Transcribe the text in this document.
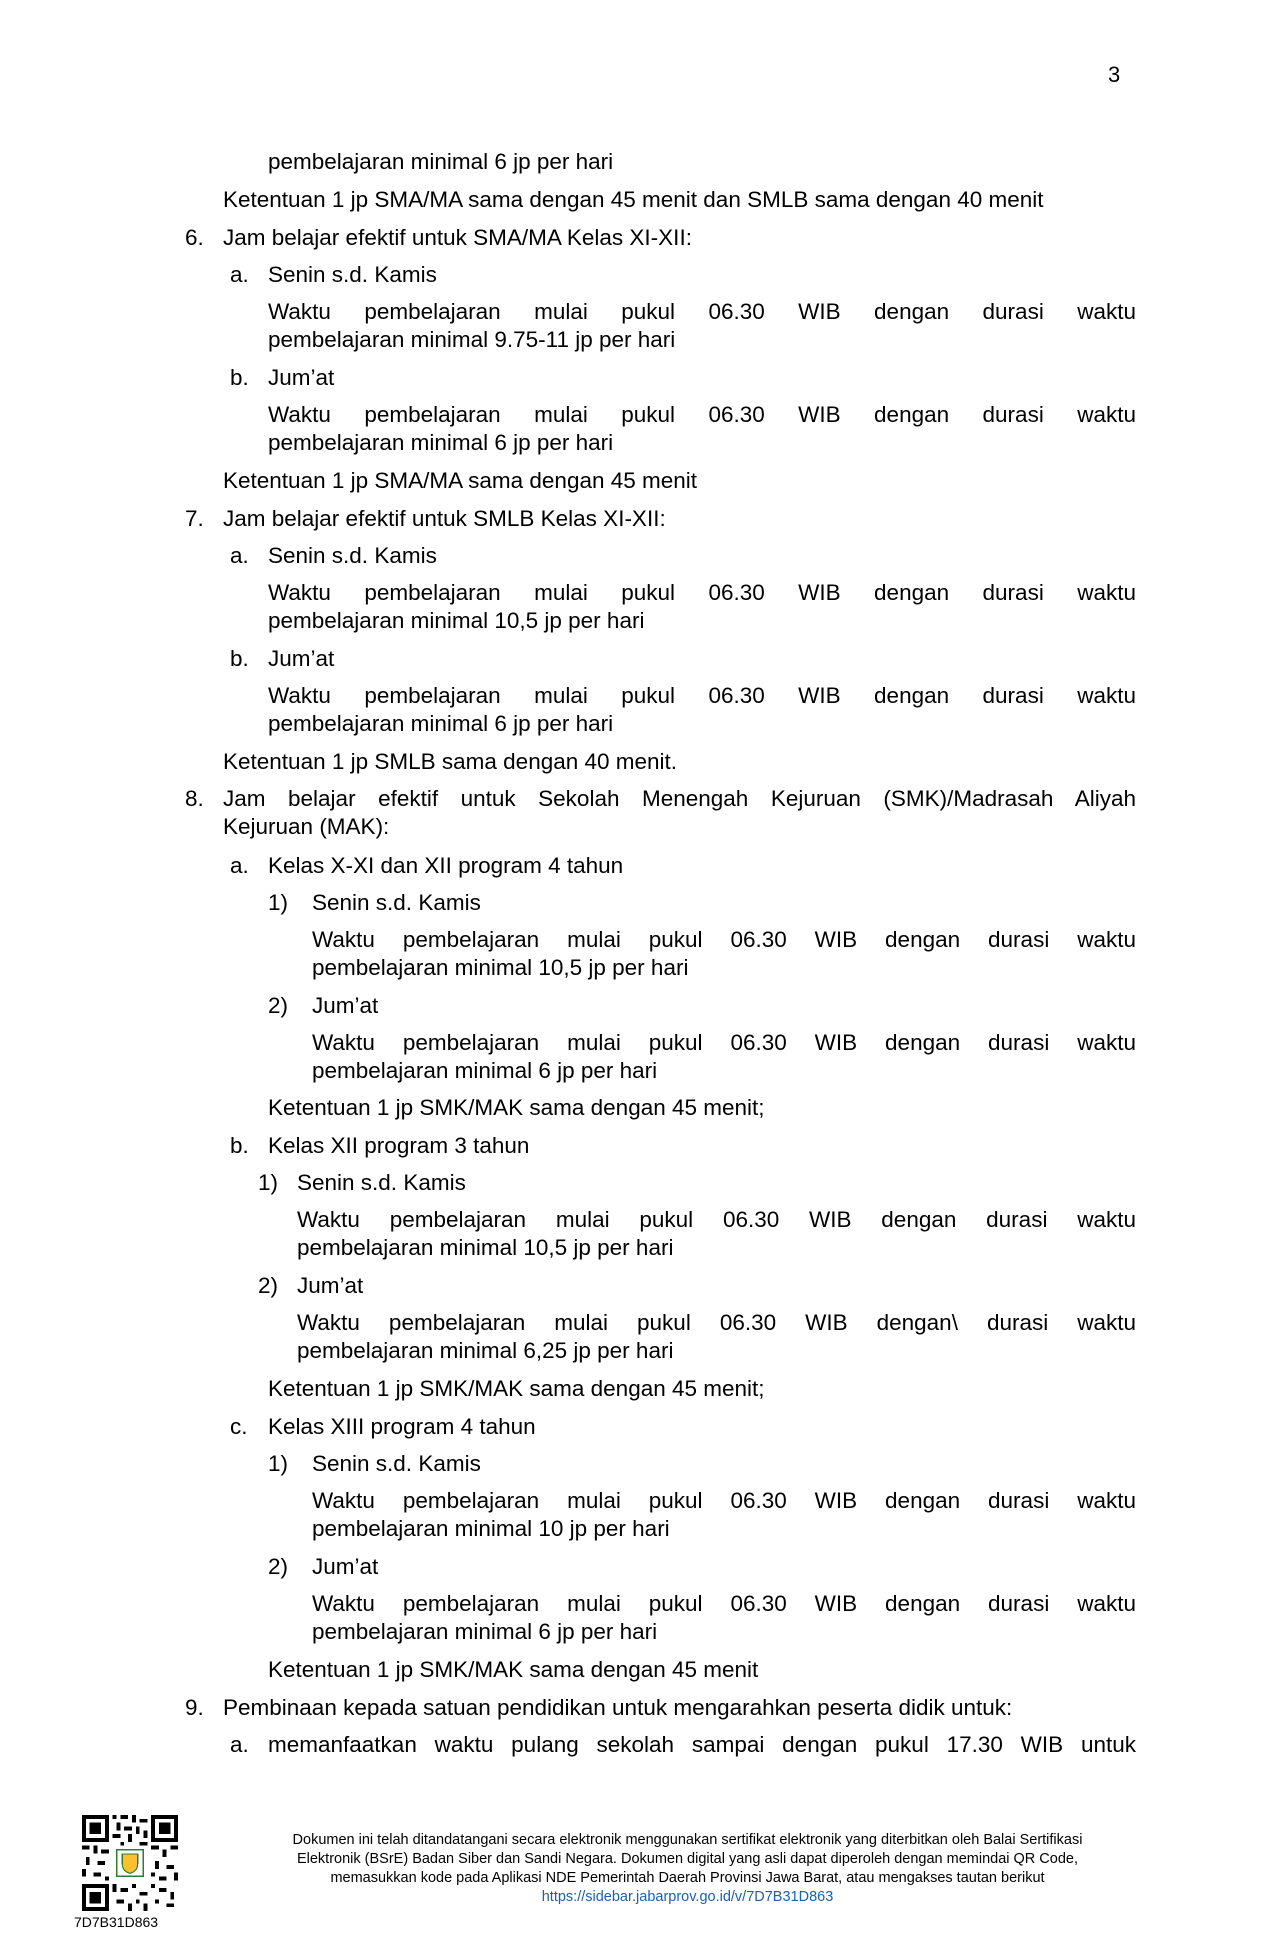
3
pembelajaran minimal 6 jp per hari
Ketentuan 1 jp SMA/MA sama dengan 45 menit dan SMLB sama dengan 40 menit
6. Jam belajar efektif untuk SMA/MA Kelas XI-XII:
a. Senin s.d. Kamis
Waktu pembelajaran mulai pukul 06.30 WIB dengan durasi waktu
pembelajaran minimal 9.75-11 jp per hari
b. Jum’at
Waktu pembelajaran mulai pukul 06.30 WIB dengan durasi waktu
pembelajaran minimal 6 jp per hari
Ketentuan 1 jp SMA/MA sama dengan 45 menit
7. Jam belajar efektif untuk SMLB Kelas XI-XII:
a. Senin s.d. Kamis
Waktu pembelajaran mulai pukul 06.30 WIB dengan durasi waktu
pembelajaran minimal 10,5 jp per hari
b. Jum’at
Waktu pembelajaran mulai pukul 06.30 WIB dengan durasi waktu
pembelajaran minimal 6 jp per hari
Ketentuan 1 jp SMLB sama dengan 40 menit.
8. Jam belajar efektif untuk Sekolah Menengah Kejuruan (SMK)/Madrasah Aliyah
Kejuruan (MAK):
a. Kelas X-XI dan XII program 4 tahun
1) Senin s.d. Kamis
Waktu pembelajaran mulai pukul 06.30 WIB dengan durasi waktu
pembelajaran minimal 10,5 jp per hari
2) Jum’at
Waktu pembelajaran mulai pukul 06.30 WIB dengan durasi waktu
pembelajaran minimal 6 jp per hari
Ketentuan 1 jp SMK/MAK sama dengan 45 menit;
b. Kelas XII program 3 tahun
1) Senin s.d. Kamis
Waktu pembelajaran mulai pukul 06.30 WIB dengan durasi waktu
pembelajaran minimal 10,5 jp per hari
2) Jum’at
Waktu pembelajaran mulai pukul 06.30 WIB dengan\ durasi waktu
pembelajaran minimal 6,25 jp per hari
Ketentuan 1 jp SMK/MAK sama dengan 45 menit;
c. Kelas XIII program 4 tahun
1) Senin s.d. Kamis
Waktu pembelajaran mulai pukul 06.30 WIB dengan durasi waktu
pembelajaran minimal 10 jp per hari
2) Jum’at
Waktu pembelajaran mulai pukul 06.30 WIB dengan durasi waktu
pembelajaran minimal 6 jp per hari
Ketentuan 1 jp SMK/MAK sama dengan 45 menit
9. Pembinaan kepada satuan pendidikan untuk mengarahkan peserta didik untuk:
a. memanfaatkan waktu pulang sekolah sampai dengan pukul 17.30 WIB untuk
7D7B31D863
Dokumen ini telah ditandatangani secara elektronik menggunakan sertifikat elektronik yang diterbitkan oleh Balai Sertifikasi
Elektronik (BSrE) Badan Siber dan Sandi Negara. Dokumen digital yang asli dapat diperoleh dengan memindai QR Code,
memasukkan kode pada Aplikasi NDE Pemerintah Daerah Provinsi Jawa Barat, atau mengakses tautan berikut
https://sidebar.jabarprov.go.id/v/7D7B31D863
